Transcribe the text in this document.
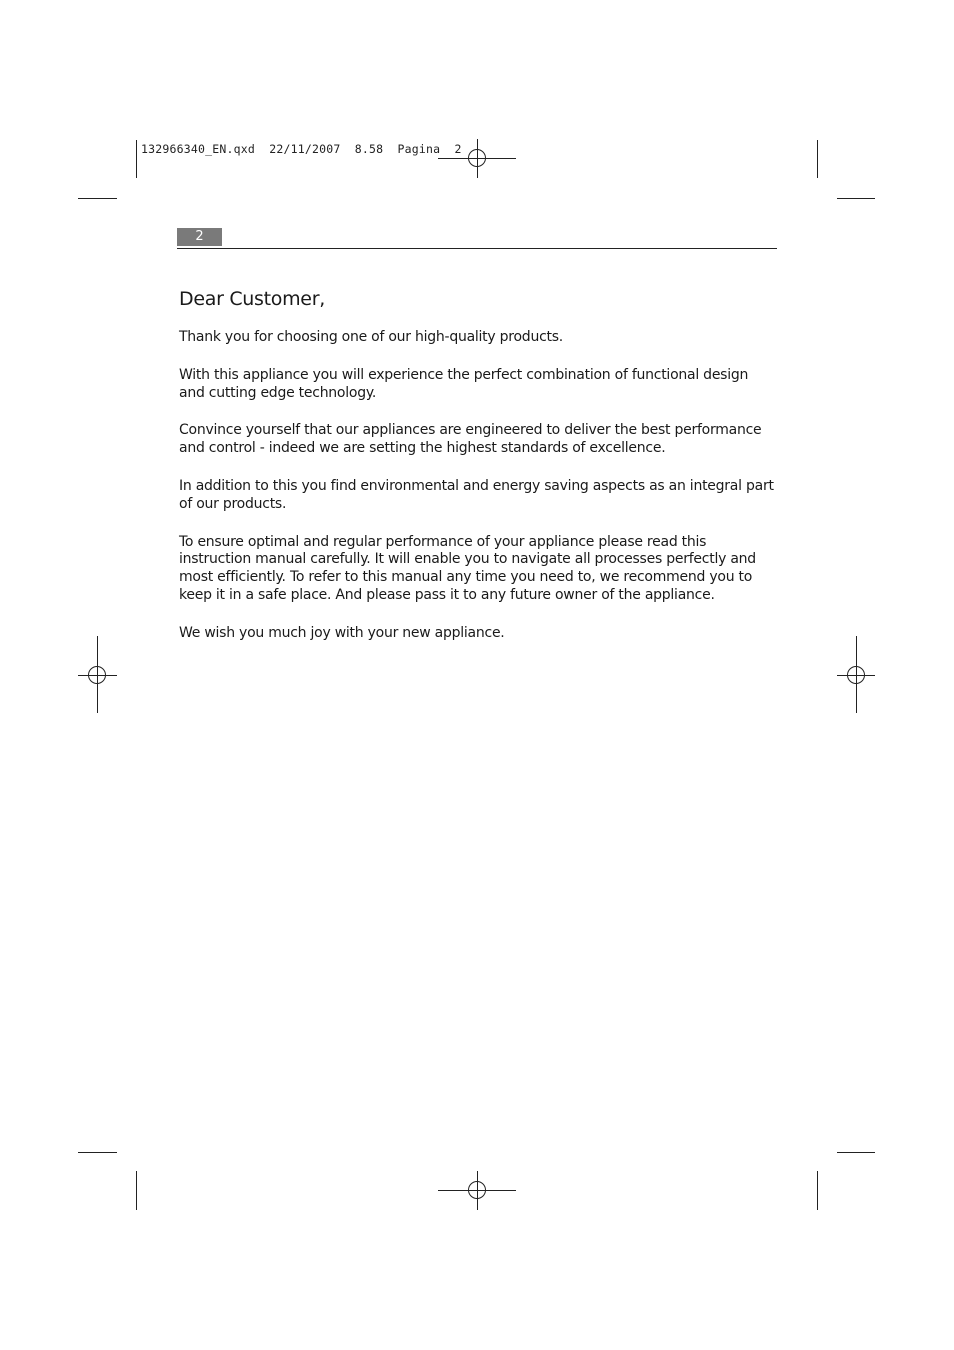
132966340_EN.qxd  22/11/2007  8.58  Pagina  2
2
Dear Customer,

Thank you for choosing one of our high-quality products.

With this appliance you will experience the perfect combination of functional design and cutting edge technology.

Convince yourself that our appliances are engineered to deliver the best performance and control - indeed we are setting the highest standards of excellence.

In addition to this you find environmental and energy saving aspects as an integral part of our products.

To ensure optimal and regular performance of your appliance please read this instruction manual carefully. It will enable you to navigate all processes perfectly and most efficiently. To refer to this manual any time you need to, we recommend you to keep it in a safe place. And please pass it to any future owner of the appliance.

We wish you much joy with your new appliance.
